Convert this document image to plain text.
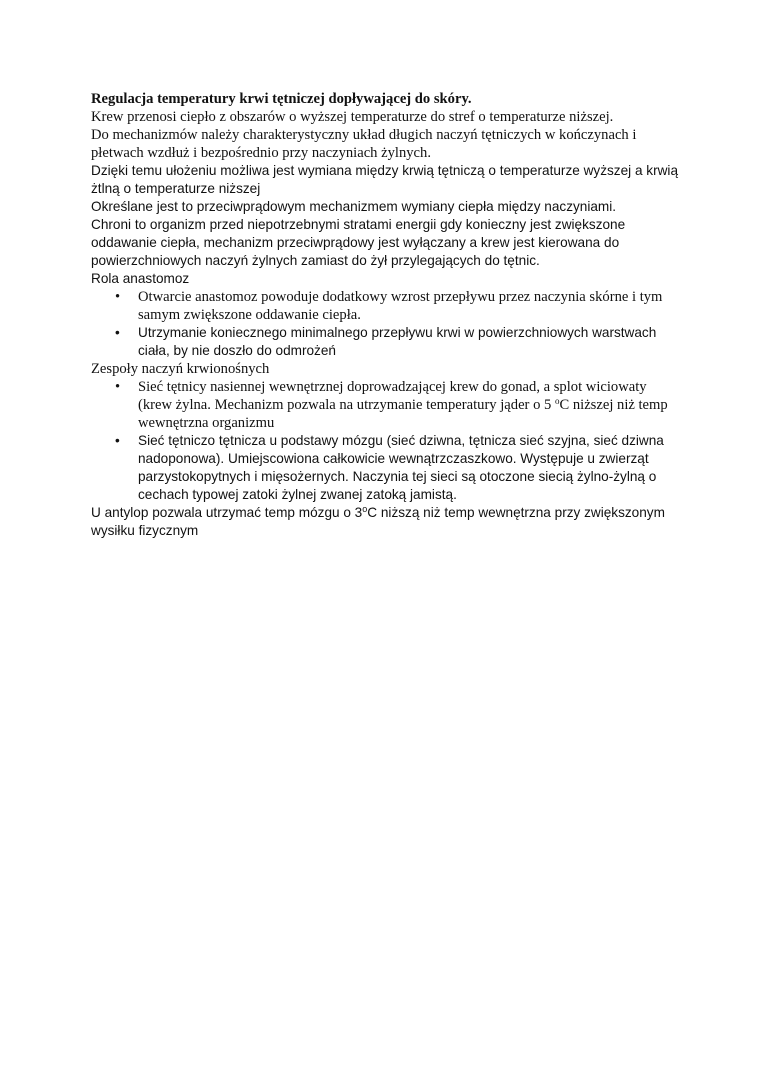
Regulacja temperatury krwi tętniczej dopływającej do skóry.

Krew przenosi ciepło z obszarów o wyższej temperaturze do stref o temperaturze niższej.

Do mechanizmów należy charakterystyczny układ długich naczyń tętniczych w kończynach i płetwach wzdłuż i bezpośrednio przy naczyniach żylnych.

Dzięki temu ułożeniu możliwa jest wymiana między krwią tętniczą o temperaturze wyższej a krwią żtlną o temperaturze niższej

Określane jest to przeciwprądowym mechanizmem wymiany ciepła między naczyniami.

Chroni to organizm przed niepotrzebnymi stratami energii gdy konieczny jest zwiększone oddawanie ciepła, mechanizm przeciwprądowy jest wyłączany a krew jest kierowana do powierzchniowych naczyń żylnych zamiast do żył przylegających do tętnic.

Rola anastomoz

• Otwarcie anastomoz powoduje dodatkowy wzrost przepływu przez naczynia skórne i tym samym zwiększone oddawanie ciepła.
• Utrzymanie koniecznego minimalnego przepływu krwi w powierzchniowych warstwach ciała, by nie doszło do odmrożeń

Zespoły naczyń krwionośnych

• Sieć tętnicy nasiennej wewnętrznej doprowadzającej krew do gonad, a splot wiciowaty (krew żylna. Mechanizm pozwala na utrzymanie temperatury jąder o 5 $^o$C niższej niż temp wewnętrzna organizmu
• Sieć tętniczo tętnicza u podstawy mózgu (sieć dziwna, tętnicza sieć szyjna, sieć dziwna nadoponowa). Umiejscowiona całkowicie wewnątrzczaszkowo. Występuje u zwierząt parzystokopytnych i mięsożernych. Naczynia tej sieci są otoczone siecią żylno-żylną o cechach typowej zatoki żylnej zwanej zatoką jamistą.

U antylop pozwala utrzymać temp mózgu o 3$^o$C niższą niż temp wewnętrzna przy zwiększonym wysiłku fizycznym
